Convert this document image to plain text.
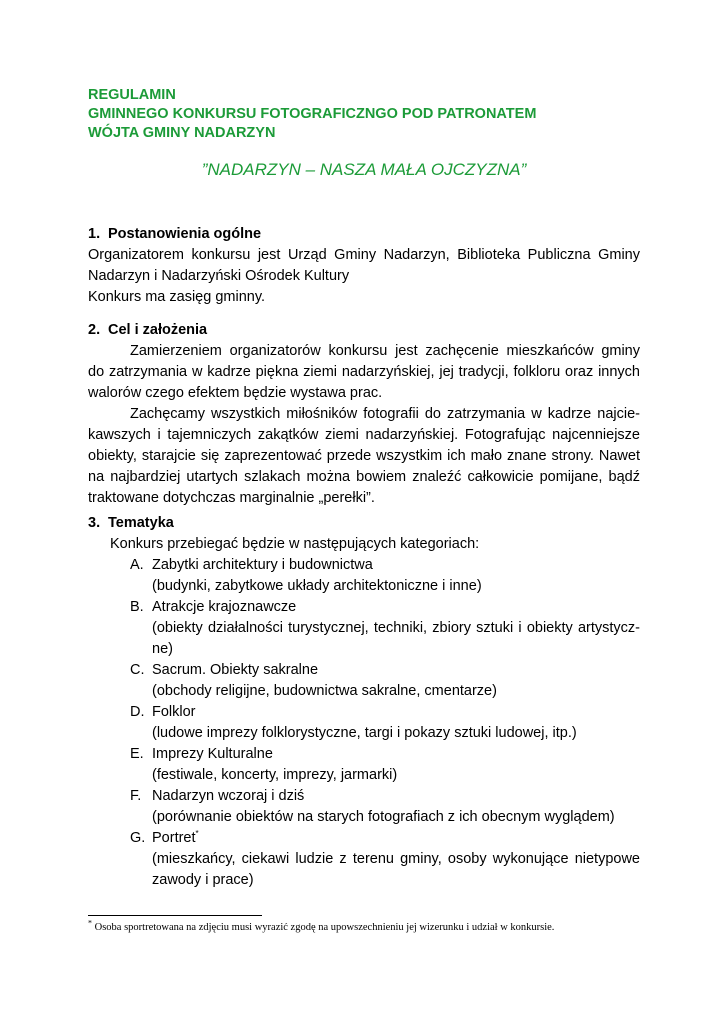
REGULAMIN
GMINNEGO KONKURSU FOTOGRAFICZNGO POD PATRONATEM
WÓJTA GMINY NADARZYN
”NADARZYN – NASZA MAŁA OJCZYZNA”
1. Postanowienia ogólne
Organizatorem konkursu jest Urząd Gminy Nadarzyn, Biblioteka Publiczna Gminy
Nadarzyn i Nadarzyński Ośrodek Kultury
Konkurs ma zasięg gminny.
2. Cel i założenia
Zamierzeniem organizatorów konkursu jest zachęcenie mieszkańców gminy
do zatrzymania w kadrze piękna ziemi nadarzyńskiej, jej tradycji, folkloru oraz innych
walorów czego efektem będzie wystawa prac.
Zachęcamy wszystkich miłośników fotografii do zatrzymania w kadrze najcie-
kawszych i tajemniczych zakątków ziemi nadarzyńskiej. Fotografując najcenniejsze
obiekty, starajcie się zaprezentować przede wszystkim ich mało znane strony. Nawet
na najbardziej utartych szlakach można bowiem znaleźć całkowicie pomijane, bądź
traktowane dotychczas marginalnie „perełki”.
3. Tematyka
Konkurs przebiegać będzie w następujących kategoriach:
A. Zabytki architektury i budownictwa
(budynki, zabytkowe układy architektoniczne i inne)
B. Atrakcje krajoznawcze
(obiekty działalności turystycznej, techniki, zbiory sztuki i obiekty artystycz-
ne)
C. Sacrum. Obiekty sakralne
(obchody religijne, budownictwa sakralne, cmentarze)
D. Folklor
(ludowe imprezy folklorystyczne, targi i pokazy sztuki ludowej, itp.)
E. Imprezy Kulturalne
(festiwale, koncerty, imprezy, jarmarki)
F. Nadarzyn wczoraj i dziś
(porównanie obiektów na starych fotografiach z ich obecnym wyglądem)
G. Portret*
(mieszkańcy, ciekawi ludzie z terenu gminy, osoby wykonujące nietypowe
zawody i prace)
* Osoba sportretowana na zdjęciu musi wyrazić zgodę na upowszechnieniu jej wizerunku i udział w konkursie.
